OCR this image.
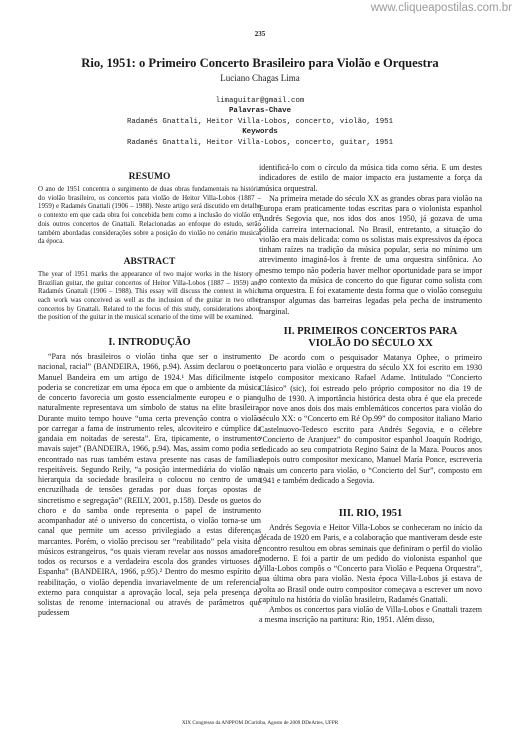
www.cliqueapostilas.com.br
235
Rio, 1951: o Primeiro Concerto Brasileiro para Violão e Orquestra
Luciano Chagas Lima
limaguitar@gmail.com
Palavras-Chave
Radamés Gnattali, Heitor Villa-Lobos, concerto, violão, 1951
Keywords
Radamés Gnattali, Heitor Villa-Lobos, concerto, guitar, 1951

RESUMO

O ano de 1951 concentra o surgimento de duas obras fundamentais na história do violão brasileiro, os concertos para violão de Heitor Villa-Lobos (1887 – 1959) e Radamés Gnattali (1906 – 1988). Neste artigo será discutido em detalhe o contexto em que cada obra foi concebida bem como a inclusão do violão em dois outros concertos de Gnattali. Relacionadas ao enfoque do estudo, serão também abordadas considerações sobre a posição do violão no cenário musical da época.

ABSTRACT

The year of 1951 marks the appearance of two major works in the history of Brazilian guitar, the guitar concertos of Heitor Villa-Lobos (1887 – 1959) and Radamés Gnattali (1906 – 1988). This essay will discuss the context in which each work was conceived as well as the inclusion of the guitar in two other concertos by Gnattali. Related to the focus of this study, considerations about the position of the guitar in the musical scenario of the time will be examined.

I. INTRODUÇÃO

“Para nós brasileiros o violão tinha que ser o instrumento nacional, racial” (BANDEIRA, 1966, p.94). Assim declarou o poeta Manuel Bandeira em um artigo de 1924.¹ Mas dificilmente isto poderia se concretizar em uma época em que o ambiente da música de concerto favorecia um gosto essencialmente europeu e o piano naturalmente representava um símbolo de status na elite brasileira. Durante muito tempo houve “uma certa prevenção contra o violão por carregar a fama de instrumento reles, alcoviteiro e cúmplice da gandaia em noitadas de seresta”. Era, tipicamente, o instrumento mavais sujet” (BANDEIRA, 1966, p.94). Mas, assim como podia ser encontrado nas ruas também estava presente nas casas de famílias respeitáveis. Segundo Reily, “a posição intermediária do violão na hierarquia da sociedade brasileira o colocou no centro de uma encruzilhada de tensões geradas por duas forças opostas de sincretismo e segregação” (REILY, 2001, p.158). Desde os guetos do choro e do samba onde representa o papel de instrumento acompanhador até o universo do concertista, o violão torna-se um canal que permite um acesso privilegiado a estas diferenças marcantes. Porém, o violão precisou ser “reabilitado” pela visita de músicos estrangeiros, “os quais vieram revelar aos nossos amadores todos os recursos e a verdadeira escola dos grandes virtuoses de Espanha” (BANDEIRA, 1966, p.95).² Dentro do mesmo espírito de reabilitação, o violão dependia invariavelmente de um referencial externo para conquistar a aprovação local, seja pela presença de solistas de renome internacional ou através de parâmetros que pudessem

identificá-lo com o círculo da música tida como séria. E um destes indicadores de estilo de maior impacto era justamente a força da música orquestral.

Na primeira metade do século XX as grandes obras para violão na Europa eram praticamente todas escritas para o violonista espanhol Andrés Segovia que, nos idos dos anos 1950, já gozava de uma sólida carreira internacional. No Brasil, entretanto, a situação do violão era mais delicada: como os solistas mais expressivos da época tinham raízes na tradição da música popular, seria no mínimo um atrevimento imaginá-los à frente de uma orquestra sinfônica. Ao mesmo tempo não poderia haver melhor oportunidade para se impor no contexto da música de concerto do que figurar como solista com uma orquestra. E foi exatamente desta forma que o violão conseguiu transpor algumas das barreiras legadas pela pecha de instrumento marginal.

II. PRIMEIROS CONCERTOS PARA
VIOLÃO DO SÉCULO XX

De acordo com o pesquisador Matanya Ophee, o primeiro concerto para violão e orquestra do século XX foi escrito em 1930 pelo compositor mexicano Rafael Adame. Intitulado “Concierto Clásico” (sic), foi estreado pelo próprio compositor no dia 19 de julho de 1930. A importância histórica desta obra é que ela precede por nove anos dois dos mais emblemáticos concertos para violão do século XX: o “Concerto em Ré Op.99” do compositor italiano Mario Castelnuovo-Tedesco escrito para Andrés Segovia, e o célebre “Concierto de Aranjuez” do compositor espanhol Joaquín Rodrigo, dedicado ao seu compatriota Regino Sainz de la Maza. Poucos anos depois outro compositor mexicano, Manuel María Ponce, escreveria mais um concerto para violão, o “Concierto del Sur”, composto em 1941 e também dedicado a Segovia.

III. RIO, 1951

Andrés Segovia e Heitor Villa-Lobos se conheceram no início da década de 1920 em Paris, e a colaboração que mantiveram desde este encontro resultou em obras seminais que definiram o perfil do violão moderno. E foi a partir de um pedido do violonista espanhol que Villa-Lobos compôs o “Concerto para Violão e Pequena Orquestra”, sua última obra para violão. Nesta época Villa-Lobos já estava de volta ao Brasil onde outro compositor começava a escrever um novo capítulo na história do violão brasileiro, Radamés Gnattali.

Ambos os concertos para violão de Villa-Lobos e Gnattali trazem a mesma inscrição na partitura: Rio, 1951. Além disso,

XIX Congresso da ANPPOM DCuritiba, Agosto de 2009 DDeArtes, UFPR
